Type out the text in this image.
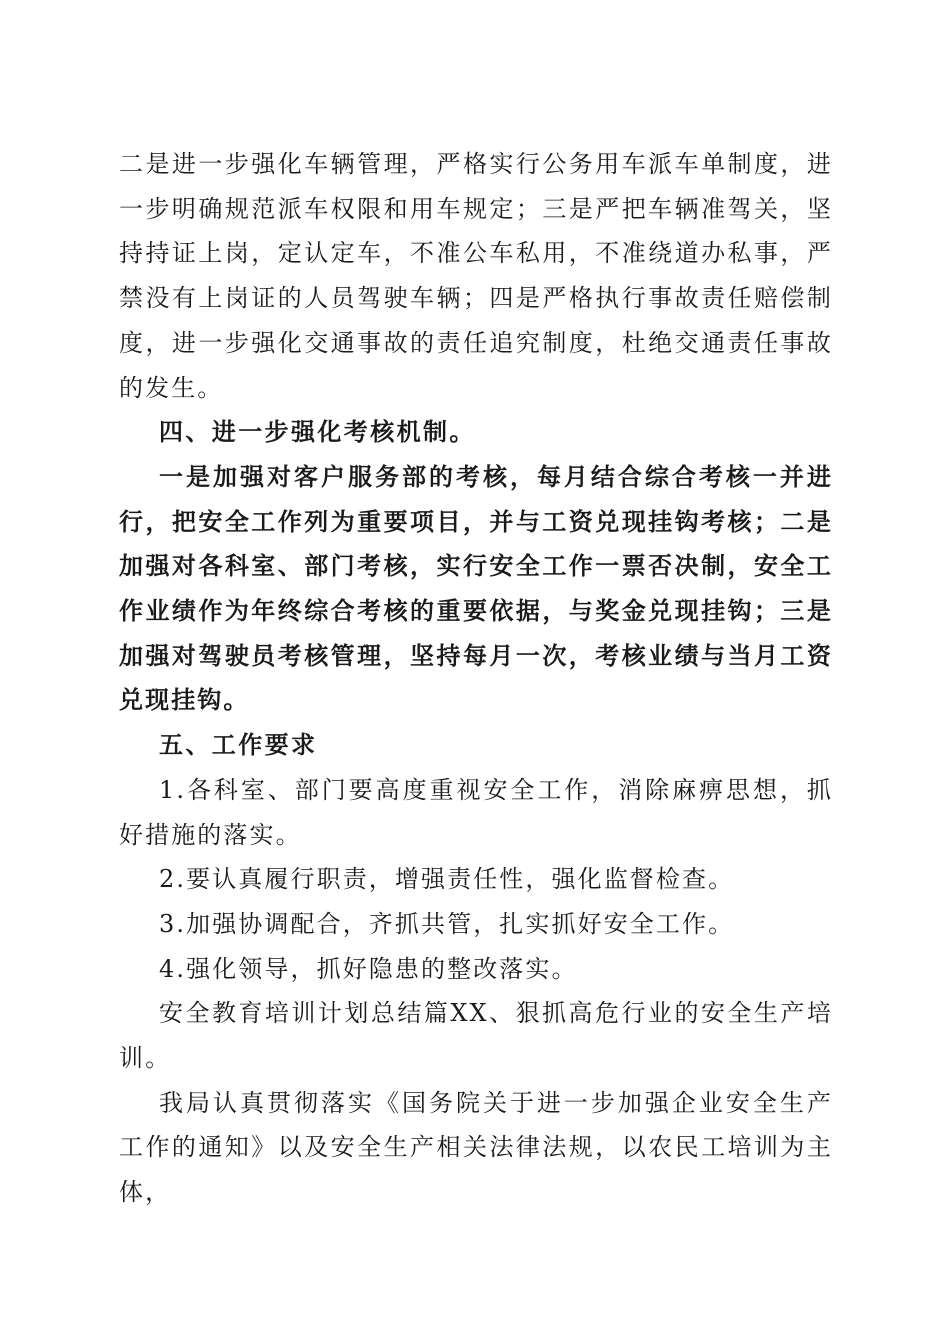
二是进一步强化车辆管理，严格实行公务用车派车单制度，进一步明确规范派车权限和用车规定；三是严把车辆准驾关，坚持持证上岗，定认定车，不准公车私用，不准绕道办私事，严禁没有上岗证的人员驾驶车辆；四是严格执行事故责任赔偿制度，进一步强化交通事故的责任追究制度，杜绝交通责任事故的发生。

四、进一步强化考核机制。

一是加强对客户服务部的考核，每月结合综合考核一并进行，把安全工作列为重要项目，并与工资兑现挂钩考核；二是加强对各科室、部门考核，实行安全工作一票否决制，安全工作业绩作为年终综合考核的重要依据，与奖金兑现挂钩；三是加强对驾驶员考核管理，坚持每月一次，考核业绩与当月工资兑现挂钩。

五、工作要求

1.各科室、部门要高度重视安全工作，消除麻痹思想，抓好措施的落实。

2.要认真履行职责，增强责任性，强化监督检查。

3.加强协调配合，齐抓共管，扎实抓好安全工作。

4.强化领导，抓好隐患的整改落实。

安全教育培训计划总结篇XX、狠抓高危行业的安全生产培训。

我局认真贯彻落实《国务院关于进一步加强企业安全生产工作的通知》以及安全生产相关法律法规，以农民工培训为主体，
